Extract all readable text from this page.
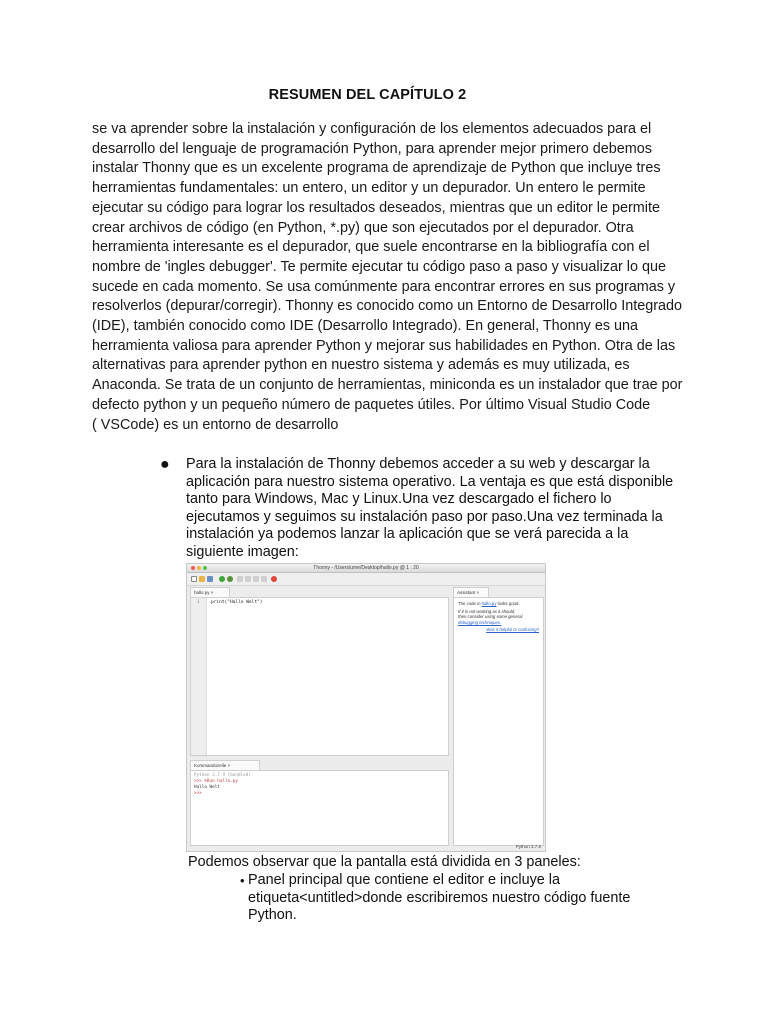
RESUMEN DEL CAPÍTULO 2
se va aprender sobre la instalación y configuración de los elementos adecuados para el
desarrollo del lenguaje de programación Python, para aprender mejor primero debemos
instalar Thonny que es un excelente programa de aprendizaje de Python que incluye tres
herramientas fundamentales: un entero, un editor y un depurador. Un entero le permite
ejecutar su código para lograr los resultados deseados, mientras que un editor le permite
crear archivos de código (en Python, *.py) que son ejecutados por el depurador. Otra
herramienta interesante es el depurador, que suele encontrarse en la bibliografía con el
nombre de 'ingles debugger'. Te permite ejecutar tu código paso a paso y visualizar lo que
sucede en cada momento. Se usa comúnmente para encontrar errores en sus programas y
resolverlos (depurar/corregir). Thonny es conocido como un Entorno de Desarrollo Integrado
(IDE), también conocido como IDE (Desarrollo Integrado). En general, Thonny es una
herramienta valiosa para aprender Python y mejorar sus habilidades en Python. Otra de las
alternativas para aprender python en nuestro sistema y además es muy utilizada, es
Anaconda. Se trata de un conjunto de herramientas, miniconda es un instalador que trae por
defecto python y un pequeño número de paquetes útiles. Por último Visual Studio Code
( VSCode) es un entorno de desarrollo
● Para la instalación de Thonny debemos acceder a su web y descargar la
aplicación para nuestro sistema operativo. La ventaja es que está disponible
tanto para Windows, Mac y Linux.Una vez descargado el fichero lo
ejecutamos y seguimos su instalación paso por paso.Una vez terminada la
instalación ya podemos lanzar la aplicación que se verá parecida a la
siguiente imagen:
Thonny - /Users/ume/Desktop/hallo.py @ 1 : 20
hallo.py ×
1	print("Hallo Welt")
Kommandozeile ×
Python 3.7.9 (bundled)
>>> %Run hallo.py
Hallo Welt
>>>
Assistant ×
The code in hallo.py looks good.
If it is not working as it should,
then consider using some general
debugging techniques.
Was it helpful or confusing?
Python 3.7.9
Podemos observar que la pantalla está dividida en 3 paneles:
• Panel principal que contiene el editor e incluye la
etiqueta<untitled>donde escribiremos nuestro código fuente
Python.
